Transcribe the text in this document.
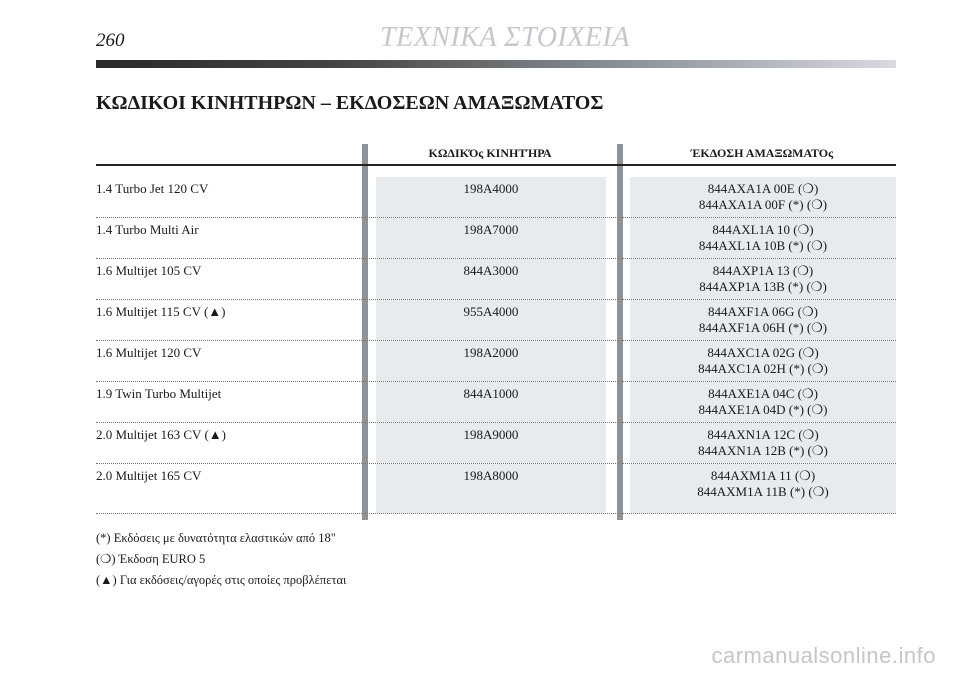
260	ΤΕΧΝΙΚΑ ΣΤΟΙΧΕΙΑ
ΚΩΔΙΚΟΙ ΚΙΝΗΤΗΡΩΝ – ΕΚΔΟΣΕΩΝ ΑΜΑΞΩΜΑΤΟΣ
ΚΩΔΙΚΌς ΚΙΝΗΤΉΡΑ	ΈΚΔΟΣΗ ΑΜΑΞΩΜΑΤΟς
1.4 Turbo Jet 120 CV	198A4000	844AXA1A 00E (❍)
844AXA1A 00F (*) (❍)
1.4 Turbo Multi Air	198A7000	844AXL1A 10 (❍)
844AXL1A 10B (*) (❍)
1.6 Multijet 105 CV	844A3000	844AXP1A 13 (❍)
844AXP1A 13B (*) (❍)
1.6 Multijet 115 CV (▲)	955A4000	844AXF1A 06G (❍)
844AXF1A 06H (*) (❍)
1.6 Multijet 120 CV	198A2000	844AXC1A 02G (❍)
844AXC1A 02H (*) (❍)
1.9 Twin Turbo Multijet	844A1000	844AXE1A 04C (❍)
844AXE1A 04D (*) (❍)
2.0 Multijet 163 CV (▲)	198A9000	844AXN1A 12C (❍)
844AXN1A 12B (*) (❍)
2.0 Multijet 165 CV	198A8000	844AXM1A 11 (❍)
844AXM1A 11B (*) (❍)
(*) Εκδόσεις με δυνατότητα ελαστικών από 18"
(❍) Έκδοση EURO 5
(▲) Για εκδόσεις/αγορές στις οποίες προβλέπεται
carmanualsonline.info
